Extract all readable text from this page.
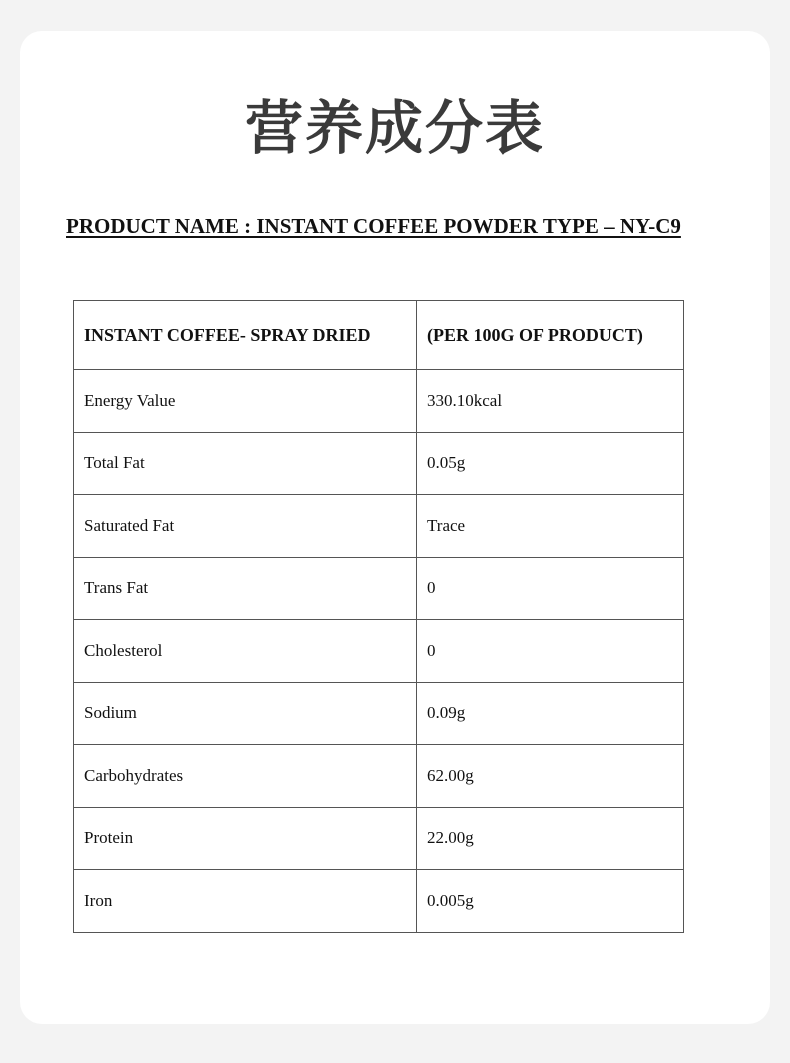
营养成分表
PRODUCT NAME : INSTANT COFFEE POWDER TYPE – NY-C9
INSTANT COFFEE- SPRAY DRIED	(PER 100G OF PRODUCT)
Energy Value	330.10kcal
Total Fat	0.05g
Saturated Fat	Trace
Trans Fat	0
Cholesterol	0
Sodium	0.09g
Carbohydrates	62.00g
Protein	22.00g
Iron	0.005g
